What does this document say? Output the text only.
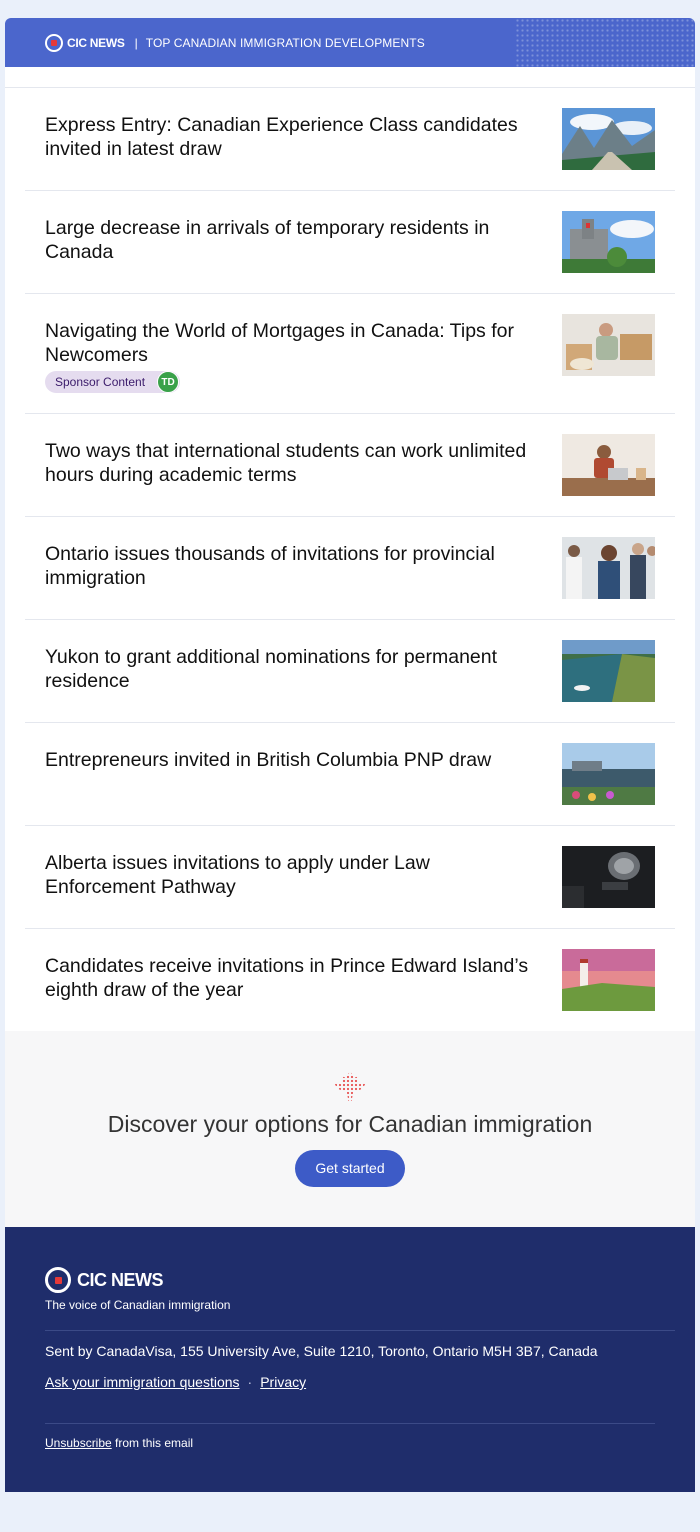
CIC NEWS | TOP CANADIAN IMMIGRATION DEVELOPMENTS
Express Entry: Canadian Experience Class candidates invited in latest draw
Large decrease in arrivals of temporary residents in Canada
Navigating the World of Mortgages in Canada: Tips for Newcomers
Sponsor Content	TD
Two ways that international students can work unlimited hours during academic terms
Ontario issues thousands of invitations for provincial immigration
Yukon to grant additional nominations for permanent residence
Entrepreneurs invited in British Columbia PNP draw
Alberta issues invitations to apply under Law Enforcement Pathway
Candidates receive invitations in Prince Edward Island’s eighth draw of the year
Discover your options for Canadian immigration
Get started
CIC NEWS
The voice of Canadian immigration
Sent by CanadaVisa, 155 University Ave, Suite 1210, Toronto, Ontario M5H 3B7, Canada
Ask your immigration questions · Privacy
Unsubscribe from this email
